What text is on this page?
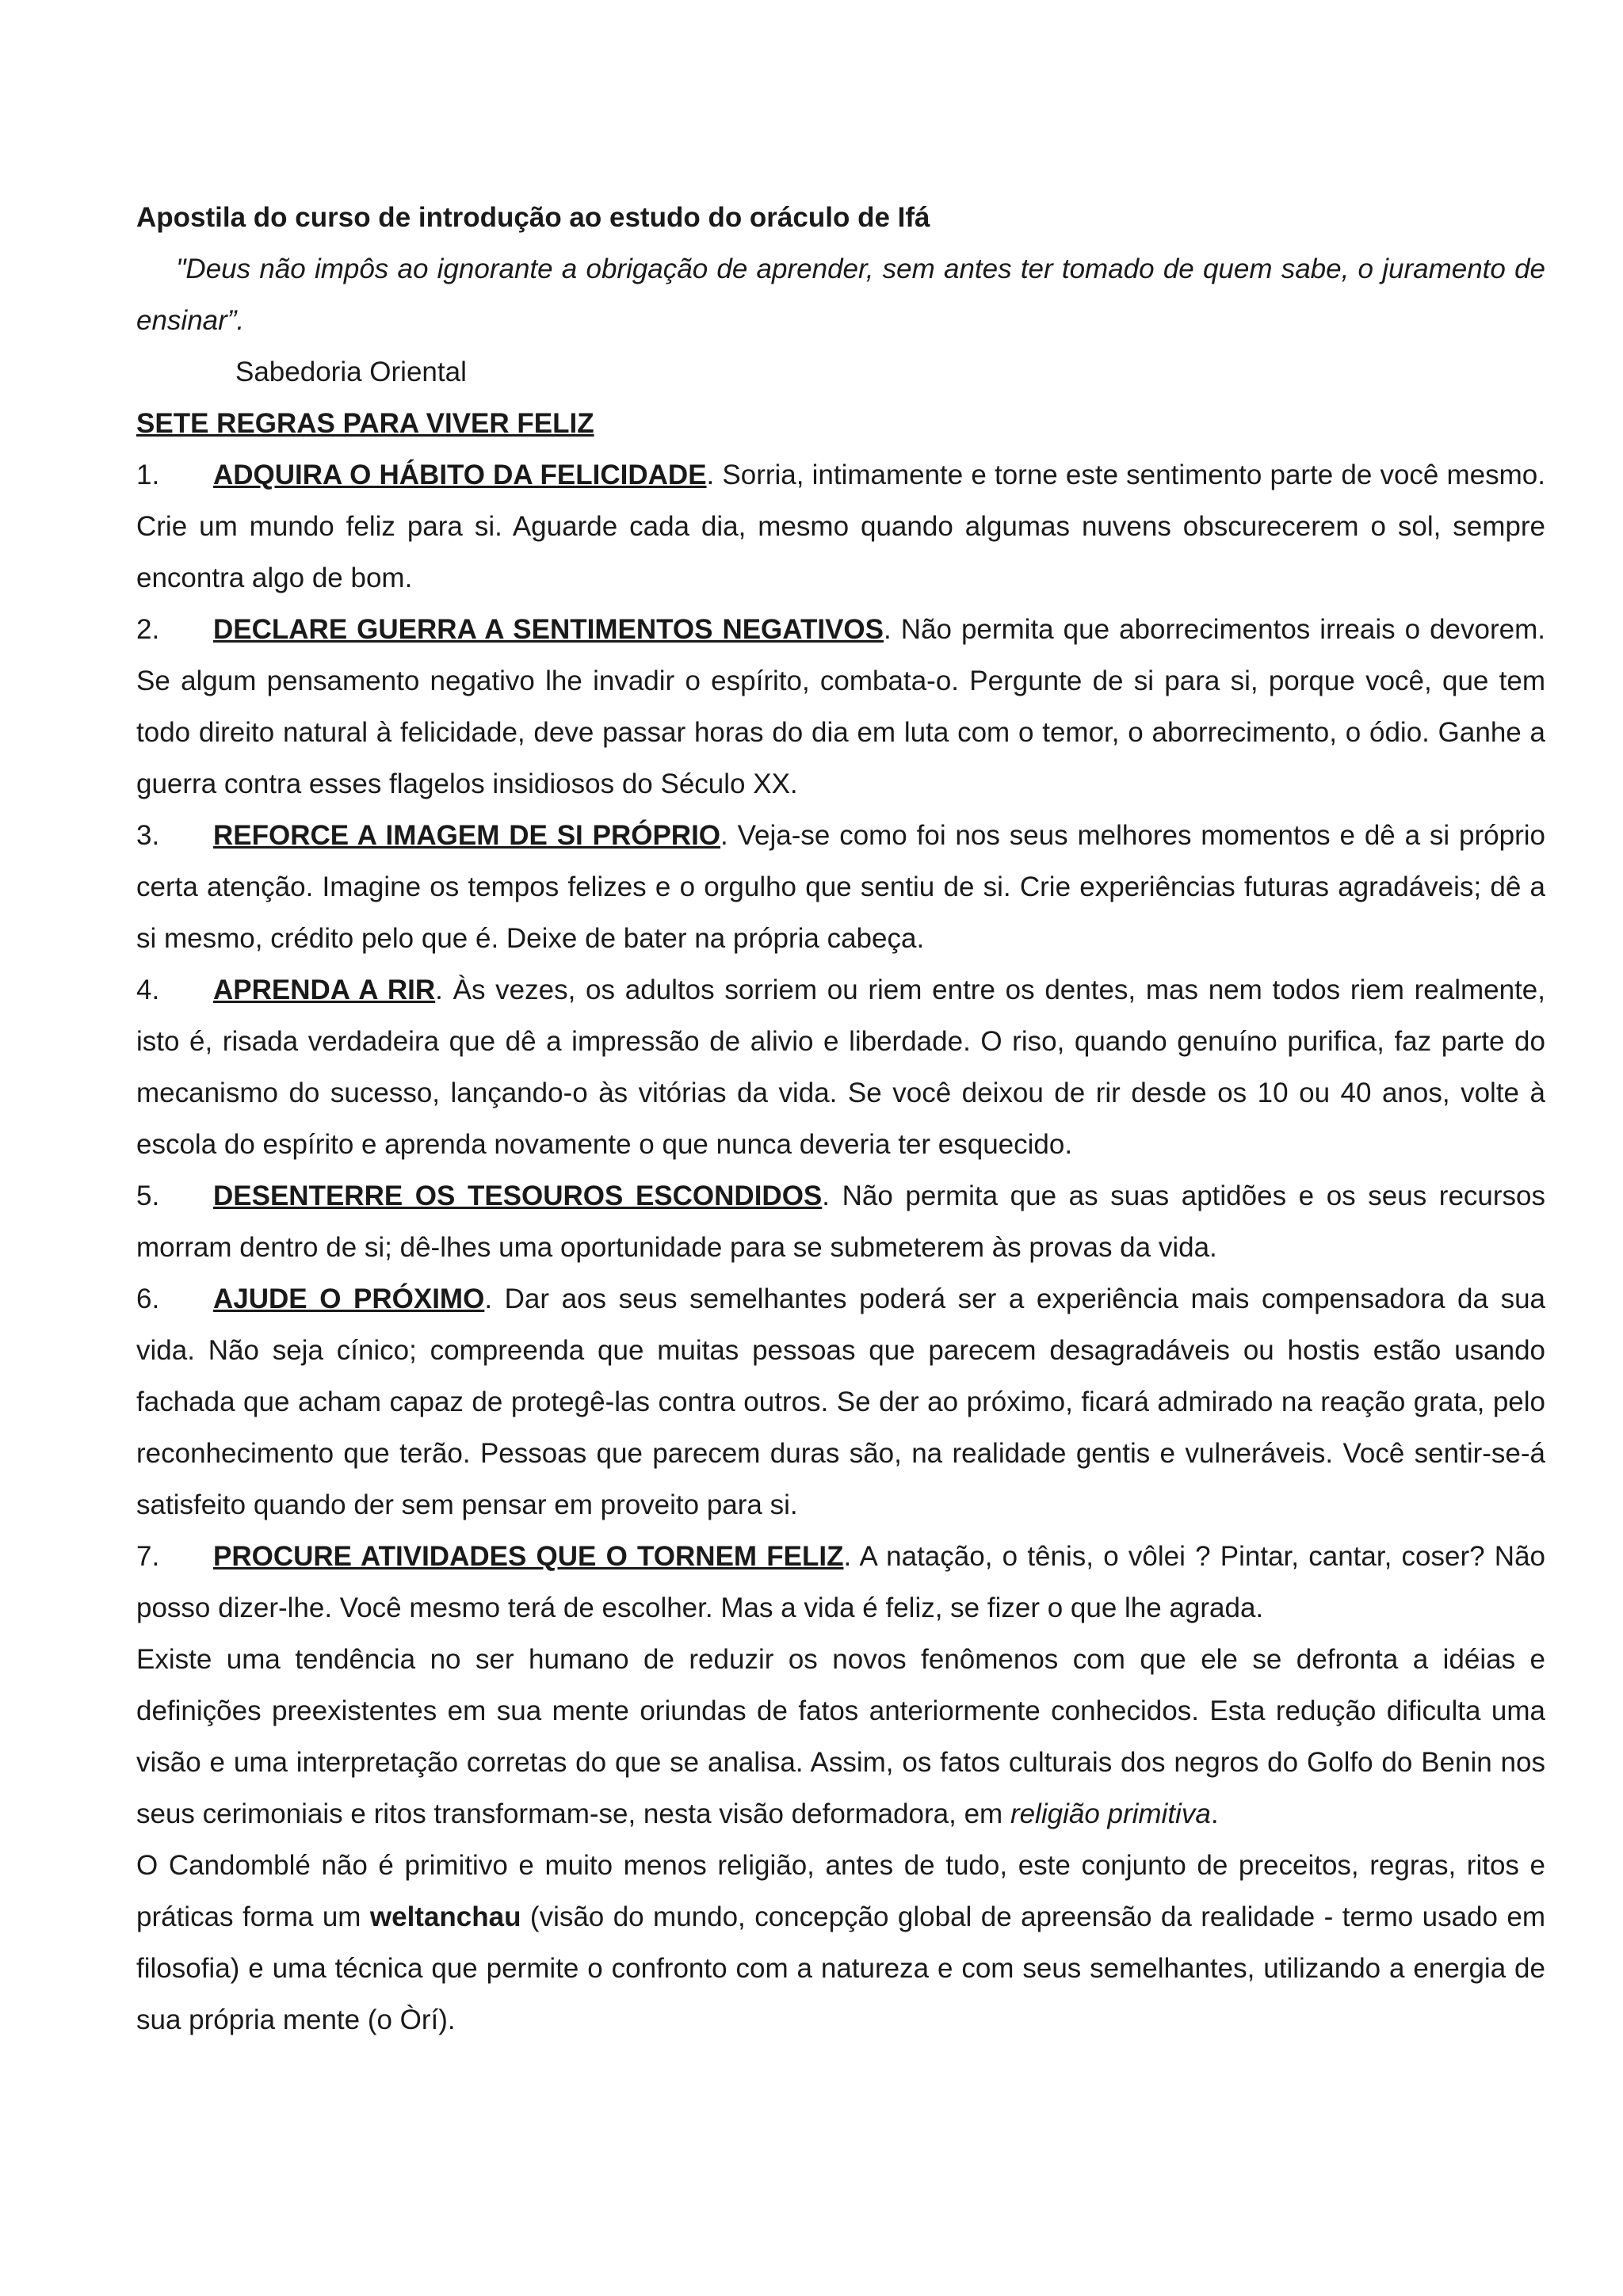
Apostila do curso de introdução ao estudo do oráculo de Ifá

"Deus não impôs ao ignorante a obrigação de aprender, sem antes ter tomado de quem sabe, o juramento de ensinar”.

Sabedoria Oriental

SETE REGRAS PARA VIVER FELIZ

1. ADQUIRA O HÁBITO DA FELICIDADE. Sorria, intimamente e torne este sentimento parte de você mesmo. Crie um mundo feliz para si. Aguarde cada dia, mesmo quando algumas nuvens obscurecerem o sol, sempre encontra algo de bom.

2. DECLARE GUERRA A SENTIMENTOS NEGATIVOS. Não permita que aborrecimentos irreais o devorem. Se algum pensamento negativo lhe invadir o espírito, combata-o. Pergunte de si para si, porque você, que tem todo direito natural à felicidade, deve passar horas do dia em luta com o temor, o aborrecimento, o ódio. Ganhe a guerra contra esses flagelos insidiosos do Século XX.

3. REFORCE A IMAGEM DE SI PRÓPRIO. Veja-se como foi nos seus melhores momentos e dê a si próprio certa atenção. Imagine os tempos felizes e o orgulho que sentiu de si. Crie experiências futuras agradáveis; dê a si mesmo, crédito pelo que é. Deixe de bater na própria cabeça.

4. APRENDA A RIR. Às vezes, os adultos sorriem ou riem entre os dentes, mas nem todos riem realmente, isto é, risada verdadeira que dê a impressão de alivio e liberdade. O riso, quando genuíno purifica, faz parte do mecanismo do sucesso, lançando-o às vitórias da vida. Se você deixou de rir desde os 10 ou 40 anos, volte à escola do espírito e aprenda novamente o que nunca deveria ter esquecido.

5. DESENTERRE OS TESOUROS ESCONDIDOS. Não permita que as suas aptidões e os seus recursos morram dentro de si; dê-lhes uma oportunidade para se submeterem às provas da vida.

6. AJUDE O PRÓXIMO. Dar aos seus semelhantes poderá ser a experiência mais compensadora da sua vida. Não seja cínico; compreenda que muitas pessoas que parecem desagradáveis ou hostis estão usando fachada que acham capaz de protegê-las contra outros. Se der ao próximo, ficará admirado na reação grata, pelo reconhecimento que terão. Pessoas que parecem duras são, na realidade gentis e vulneráveis. Você sentir-se-á satisfeito quando der sem pensar em proveito para si.

7. PROCURE ATIVIDADES QUE O TORNEM FELIZ. A natação, o tênis, o vôlei ? Pintar, cantar, coser? Não posso dizer-lhe. Você mesmo terá de escolher. Mas a vida é feliz, se fizer o que lhe agrada.

Existe uma tendência no ser humano de reduzir os novos fenômenos com que ele se defronta a idéias e definições preexistentes em sua mente oriundas de fatos anteriormente conhecidos. Esta redução dificulta uma visão e uma interpretação corretas do que se analisa. Assim, os fatos culturais dos negros do Golfo do Benin nos seus cerimoniais e ritos transformam-se, nesta visão deformadora, em religião primitiva.

O Candomblé não é primitivo e muito menos religião, antes de tudo, este conjunto de preceitos, regras, ritos e práticas forma um weltanchau (visão do mundo, concepção global de apreensão da realidade - termo usado em filosofia) e uma técnica que permite o confronto com a natureza e com seus semelhantes, utilizando a energia de sua própria mente (o Òrí).
